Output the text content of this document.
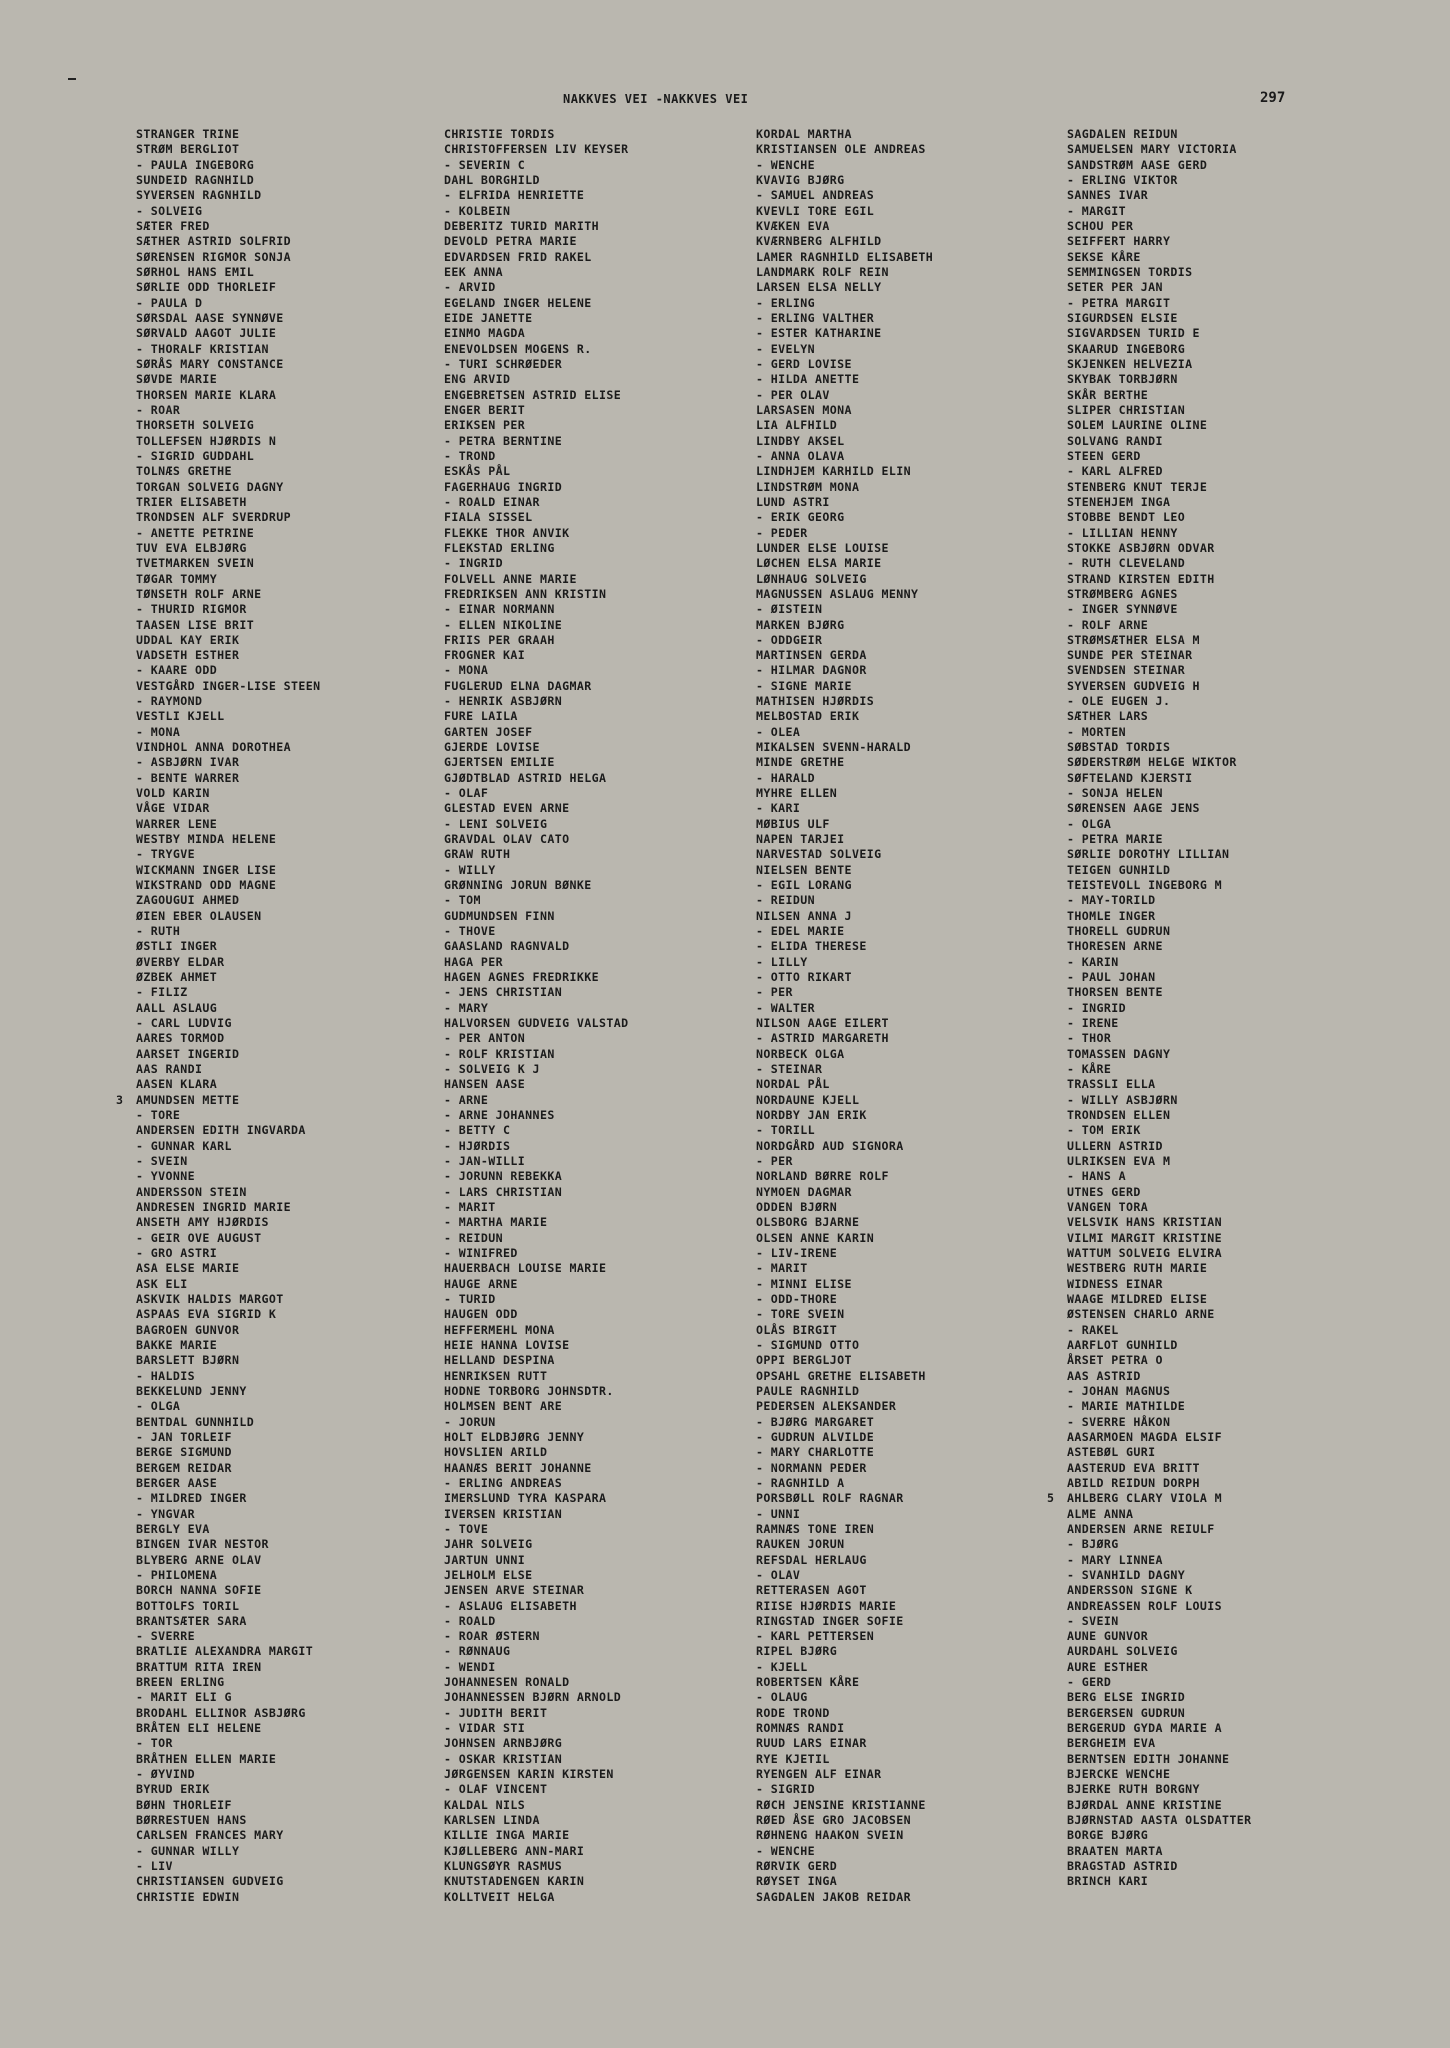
NAKKVES VEI -NAKKVES VEI	297
STRANGER TRINE
STRØM BERGLIOT
- PAULA INGEBORG
SUNDEID RAGNHILD
SYVERSEN RAGNHILD
- SOLVEIG
SÆTER FRED
SÆTHER ASTRID SOLFRID
SØRENSEN RIGMOR SONJA
SØRHOL HANS EMIL
SØRLIE ODD THORLEIF
- PAULA D
SØRSDAL AASE SYNNØVE
SØRVALD AAGOT JULIE
- THORALF KRISTIAN
SØRÅS MARY CONSTANCE
SØVDE MARIE
THORSEN MARIE KLARA
- ROAR
THORSETH SOLVEIG
TOLLEFSEN HJØRDIS N
- SIGRID GUDDAHL
TOLNÆS GRETHE
TORGAN SOLVEIG DAGNY
TRIER ELISABETH
TRONDSEN ALF SVERDRUP
- ANETTE PETRINE
TUV EVA ELBJØRG
TVETMARKEN SVEIN
TØGAR TOMMY
TØNSETH ROLF ARNE
- THURID RIGMOR
TAASEN LISE BRIT
UDDAL KAY ERIK
VADSETH ESTHER
- KAARE ODD
VESTGÅRD INGER-LISE STEEN
- RAYMOND
VESTLI KJELL
- MONA
VINDHOL ANNA DOROTHEA
- ASBJØRN IVAR
- BENTE WARRER
VOLD KARIN
VÅGE VIDAR
WARRER LENE
WESTBY MINDA HELENE
- TRYGVE
WICKMANN INGER LISE
WIKSTRAND ODD MAGNE
ZAGOUGUI AHMED
ØIEN EBER OLAUSEN
- RUTH
ØSTLI INGER
ØVERBY ELDAR
ØZBEK AHMET
- FILIZ
AALL ASLAUG
- CARL LUDVIG
AARES TORMOD
AARSET INGERID
AAS RANDI
AASEN KLARA
AMUNDSEN METTE
3
- TORE
ANDERSEN EDITH INGVARDA
- GUNNAR KARL
- SVEIN
- YVONNE
ANDERSSON STEIN
ANDRESEN INGRID MARIE
ANSETH AMY HJØRDIS
- GEIR OVE AUGUST
- GRO ASTRI
ASA ELSE MARIE
ASK ELI
ASKVIK HALDIS MARGOT
ASPAAS EVA SIGRID K
BAGROEN GUNVOR
BAKKE MARIE
BARSLETT BJØRN
- HALDIS
BEKKELUND JENNY
- OLGA
BENTDAL GUNNHILD
- JAN TORLEIF
BERGE SIGMUND
BERGEM REIDAR
BERGER AASE
- MILDRED INGER
- YNGVAR
BERGLY EVA
BINGEN IVAR NESTOR
BLYBERG ARNE OLAV
- PHILOMENA
BORCH NANNA SOFIE
BOTTOLFS TORIL
BRANTSÆTER SARA
- SVERRE
BRATLIE ALEXANDRA MARGIT
BRATTUM RITA IREN
BREEN ERLING
- MARIT ELI G
BRODAHL ELLINOR ASBJØRG
BRÅTEN ELI HELENE
- TOR
BRÅTHEN ELLEN MARIE
- ØYVIND
BYRUD ERIK
BØHN THORLEIF
BØRRESTUEN HANS
CARLSEN FRANCES MARY
- GUNNAR WILLY
- LIV
CHRISTIANSEN GUDVEIG
CHRISTIE EDWIN
CHRISTIE TORDIS
CHRISTOFFERSEN LIV KEYSER
- SEVERIN C
DAHL BORGHILD
- ELFRIDA HENRIETTE
- KOLBEIN
DEBERITZ TURID MARITH
DEVOLD PETRA MARIE
EDVARDSEN FRID RAKEL
EEK ANNA
- ARVID
EGELAND INGER HELENE
EIDE JANETTE
EINMO MAGDA
ENEVOLDSEN MOGENS R.
- TURI SCHRØEDER
ENG ARVID
ENGEBRETSEN ASTRID ELISE
ENGER BERIT
ERIKSEN PER
- PETRA BERNTINE
- TROND
ESKÅS PÅL
FAGERHAUG INGRID
- ROALD EINAR
FIALA SISSEL
FLEKKE THOR ANVIK
FLEKSTAD ERLING
- INGRID
FOLVELL ANNE MARIE
FREDRIKSEN ANN KRISTIN
- EINAR NORMANN
- ELLEN NIKOLINE
FRIIS PER GRAAH
FROGNER KAI
- MONA
FUGLERUD ELNA DAGMAR
- HENRIK ASBJØRN
FURE LAILA
GARTEN JOSEF
GJERDE LOVISE
GJERTSEN EMILIE
GJØDTBLAD ASTRID HELGA
- OLAF
GLESTAD EVEN ARNE
- LENI SOLVEIG
GRAVDAL OLAV CATO
GRAW RUTH
- WILLY
GRØNNING JORUN BØNKE
- TOM
GUDMUNDSEN FINN
- THOVE
GAASLAND RAGNVALD
HAGA PER
HAGEN AGNES FREDRIKKE
- JENS CHRISTIAN
- MARY
HALVORSEN GUDVEIG VALSTAD
- PER ANTON
- ROLF KRISTIAN
- SOLVEIG K J
HANSEN AASE
- ARNE
- ARNE JOHANNES
- BETTY C
- HJØRDIS
- JAN-WILLI
- JORUNN REBEKKA
- LARS CHRISTIAN
- MARIT
- MARTHA MARIE
- REIDUN
- WINIFRED
HAUERBACH LOUISE MARIE
HAUGE ARNE
- TURID
HAUGEN ODD
HEFFERMEHL MONA
HEIE HANNA LOVISE
HELLAND DESPINA
HENRIKSEN RUTT
HODNE TORBORG JOHNSDTR.
HOLMSEN BENT ARE
- JORUN
HOLT ELDBJØRG JENNY
HOVSLIEN ARILD
HAANÆS BERIT JOHANNE
- ERLING ANDREAS
IMERSLUND TYRA KASPARA
IVERSEN KRISTIAN
- TOVE
JAHR SOLVEIG
JARTUN UNNI
JELHOLM ELSE
JENSEN ARVE STEINAR
- ASLAUG ELISABETH
- ROALD
- ROAR ØSTERN
- RØNNAUG
- WENDI
JOHANNESEN RONALD
JOHANNESSEN BJØRN ARNOLD
- JUDITH BERIT
- VIDAR STI
JOHNSEN ARNBJØRG
- OSKAR KRISTIAN
JØRGENSEN KARIN KIRSTEN
- OLAF VINCENT
KALDAL NILS
KARLSEN LINDA
KILLIE INGA MARIE
KJØLLEBERG ANN-MARI
KLUNGSØYR RASMUS
KNUTSTADENGEN KARIN
KOLLTVEIT HELGA
KORDAL MARTHA
KRISTIANSEN OLE ANDREAS
- WENCHE
KVAVIG BJØRG
- SAMUEL ANDREAS
KVEVLI TORE EGIL
KVÆKEN EVA
KVÆRNBERG ALFHILD
LAMER RAGNHILD ELISABETH
LANDMARK ROLF REIN
LARSEN ELSA NELLY
- ERLING
- ERLING VALTHER
- ESTER KATHARINE
- EVELYN
- GERD LOVISE
- HILDA ANETTE
- PER OLAV
LARSASEN MONA
LIA ALFHILD
LINDBY AKSEL
- ANNA OLAVA
LINDHJEM KARHILD ELIN
LINDSTRØM MONA
LUND ASTRI
- ERIK GEORG
- PEDER
LUNDER ELSE LOUISE
LØCHEN ELSA MARIE
LØNHAUG SOLVEIG
MAGNUSSEN ASLAUG MENNY
- ØISTEIN
MARKEN BJØRG
- ODDGEIR
MARTINSEN GERDA
- HILMAR DAGNOR
- SIGNE MARIE
MATHISEN HJØRDIS
MELBOSTAD ERIK
- OLEA
MIKALSEN SVENN-HARALD
MINDE GRETHE
- HARALD
MYHRE ELLEN
- KARI
MØBIUS ULF
NAPEN TARJEI
NARVESTAD SOLVEIG
NIELSEN BENTE
- EGIL LORANG
- REIDUN
NILSEN ANNA J
- EDEL MARIE
- ELIDA THERESE
- LILLY
- OTTO RIKART
- PER
- WALTER
NILSON AAGE EILERT
- ASTRID MARGARETH
NORBECK OLGA
- STEINAR
NORDAL PÅL
NORDAUNE KJELL
NORDBY JAN ERIK
- TORILL
NORDGÅRD AUD SIGNORA
- PER
NORLAND BØRRE ROLF
NYMOEN DAGMAR
ODDEN BJØRN
OLSBORG BJARNE
OLSEN ANNE KARIN
- LIV-IRENE
- MARIT
- MINNI ELISE
- ODD-THORE
- TORE SVEIN
OLÅS BIRGIT
- SIGMUND OTTO
OPPI BERGLJOT
OPSAHL GRETHE ELISABETH
PAULE RAGNHILD
PEDERSEN ALEKSANDER
- BJØRG MARGARET
- GUDRUN ALVILDE
- MARY CHARLOTTE
- NORMANN PEDER
- RAGNHILD A
PORSBØLL ROLF RAGNAR
- UNNI
RAMNÆS TONE IREN
RAUKEN JORUN
REFSDAL HERLAUG
- OLAV
RETTERASEN AGOT
RIISE HJØRDIS MARIE
RINGSTAD INGER SOFIE
- KARL PETTERSEN
RIPEL BJØRG
- KJELL
ROBERTSEN KÅRE
- OLAUG
RODE TROND
ROMNÆS RANDI
RUUD LARS EINAR
RYE KJETIL
RYENGEN ALF EINAR
- SIGRID
RØCH JENSINE KRISTIANNE
RØED ÅSE GRO JACOBSEN
RØHNENG HAAKON SVEIN
- WENCHE
RØRVIK GERD
RØYSET INGA
SAGDALEN JAKOB REIDAR
SAGDALEN REIDUN
SAMUELSEN MARY VICTORIA
SANDSTRØM AASE GERD
- ERLING VIKTOR
SANNES IVAR
- MARGIT
SCHOU PER
SEIFFERT HARRY
SEKSE KÅRE
SEMMINGSEN TORDIS
SETER PER JAN
- PETRA MARGIT
SIGURDSEN ELSIE
SIGVARDSEN TURID E
SKAARUD INGEBORG
SKJENKEN HELVEZIA
SKYBAK TORBJØRN
SKÅR BERTHE
SLIPER CHRISTIAN
SOLEM LAURINE OLINE
SOLVANG RANDI
STEEN GERD
- KARL ALFRED
STENBERG KNUT TERJE
STENEHJEM INGA
STOBBE BENDT LEO
- LILLIAN HENNY
STOKKE ASBJØRN ODVAR
- RUTH CLEVELAND
STRAND KIRSTEN EDITH
STRØMBERG AGNES
- INGER SYNNØVE
- ROLF ARNE
STRØMSÆTHER ELSA M
SUNDE PER STEINAR
SVENDSEN STEINAR
SYVERSEN GUDVEIG H
- OLE EUGEN J.
SÆTHER LARS
- MORTEN
SØBSTAD TORDIS
SØDERSTRØM HELGE WIKTOR
SØFTELAND KJERSTI
- SONJA HELEN
SØRENSEN AAGE JENS
- OLGA
- PETRA MARIE
SØRLIE DOROTHY LILLIAN
TEIGEN GUNHILD
TEISTEVOLL INGEBORG M
- MAY-TORILD
THOMLE INGER
THORELL GUDRUN
THORESEN ARNE
- KARIN
- PAUL JOHAN
THORSEN BENTE
- INGRID
- IRENE
- THOR
TOMASSEN DAGNY
- KÅRE
TRASSLI ELLA
- WILLY ASBJØRN
TRONDSEN ELLEN
- TOM ERIK
ULLERN ASTRID
ULRIKSEN EVA M
- HANS A
UTNES GERD
VANGEN TORA
VELSVIK HANS KRISTIAN
VILMI MARGIT KRISTINE
WATTUM SOLVEIG ELVIRA
WESTBERG RUTH MARIE
WIDNESS EINAR
WAAGE MILDRED ELISE
ØSTENSEN CHARLO ARNE
- RAKEL
AARFLOT GUNHILD
ÅRSET PETRA O
AAS ASTRID
- JOHAN MAGNUS
- MARIE MATHILDE
- SVERRE HÅKON
AASARMOEN MAGDA ELSIF
ASTEBØL GURI
AASTERUD EVA BRITT
ABILD REIDUN DORPH
AHLBERG CLARY VIOLA M
5
ALME ANNA
ANDERSEN ARNE REIULF
- BJØRG
- MARY LINNEA
- SVANHILD DAGNY
ANDERSSON SIGNE K
ANDREASSEN ROLF LOUIS
- SVEIN
AUNE GUNVOR
AURDAHL SOLVEIG
AURE ESTHER
- GERD
BERG ELSE INGRID
BERGERSEN GUDRUN
BERGERUD GYDA MARIE A
BERGHEIM EVA
BERNTSEN EDITH JOHANNE
BJERCKE WENCHE
BJERKE RUTH BORGNY
BJØRDAL ANNE KRISTINE
BJØRNSTAD AASTA OLSDATTER
BORGE BJØRG
BRAATEN MARTA
BRAGSTAD ASTRID
BRINCH KARI
